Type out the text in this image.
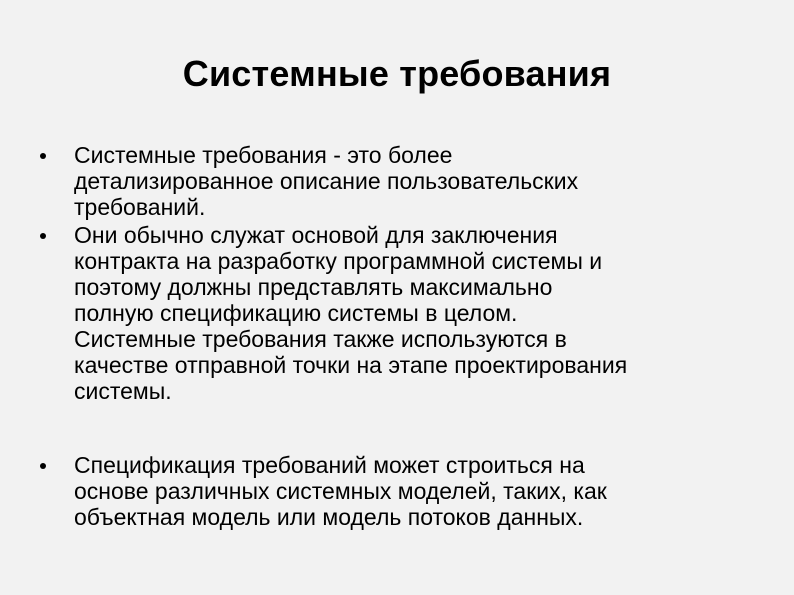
Системные требования
Системные требования - это более
детализированное описание пользовательских
требований.
Они обычно служат основой для заключения
контракта на разработку программной системы и
поэтому должны представлять максимально
полную спецификацию системы в целом.
Системные требования также используются в
качестве отправной точки на этапе проектирования
системы.
Спецификация требований может строиться на
основе различных системных моделей, таких, как
объектная модель или модель потоков данных.
